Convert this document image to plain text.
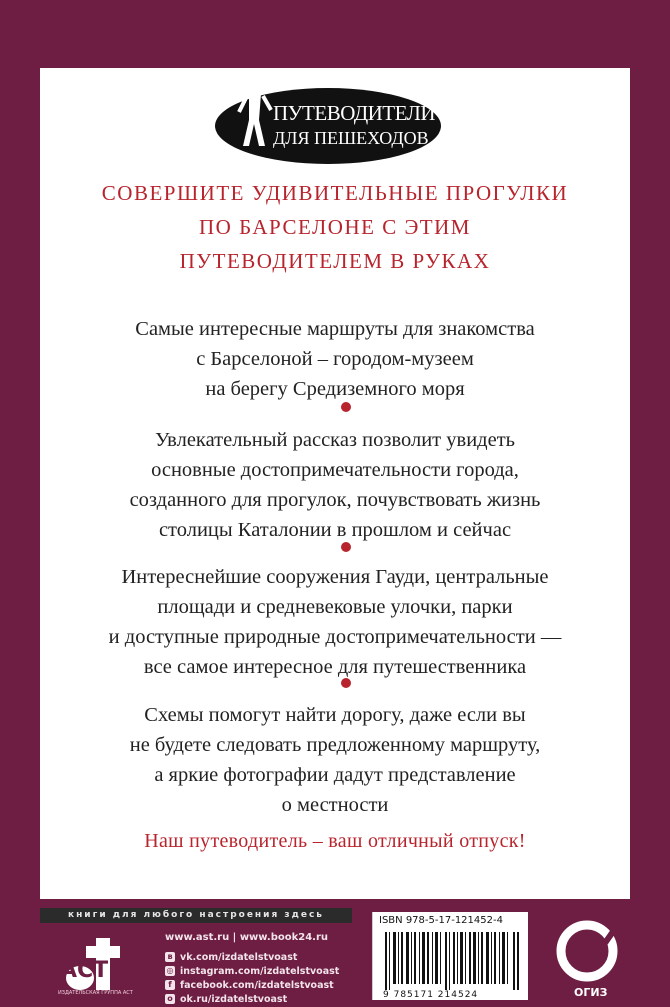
ПУТЕВОДИТЕЛИ
ДЛЯ ПЕШЕХОДОВ
СОВЕРШИТЕ УДИВИТЕЛЬНЫЕ ПРОГУЛКИ
ПО БАРСЕЛОНЕ С ЭТИМ
ПУТЕВОДИТЕЛЕМ В РУКАХ
Самые интересные маршруты для знакомства
с Барселоной – городом-музеем
на берегу Средиземного моря
Увлекательный рассказ позволит увидеть
основные достопримечательности города,
созданного для прогулок, почувствовать жизнь
столицы Каталонии в прошлом и сейчас
Интереснейшие сооружения Гауди, центральные
площади и средневековые улочки, парки
и доступные природные достопримечательности —
все самое интересное для путешественника
Схемы помогут найти дорогу, даже если вы
не будете следовать предложенному маршруту,
а яркие фотографии дадут представление
о местности
Наш путеводитель – ваш отличный отпуск!
книги для любого настроения здесь
АСТ
ИЗДАТЕЛЬСКАЯ ГРУППА АСТ
www.ast.ru | www.book24.ru
в vk.com/izdatelstvoast
◎ instagram.com/izdatelstvoast
f facebook.com/izdatelstvoast
о ok.ru/izdatelstvoast
ISBN 978-5-17-121452-4
9 785171 214524	ОГИЗ
